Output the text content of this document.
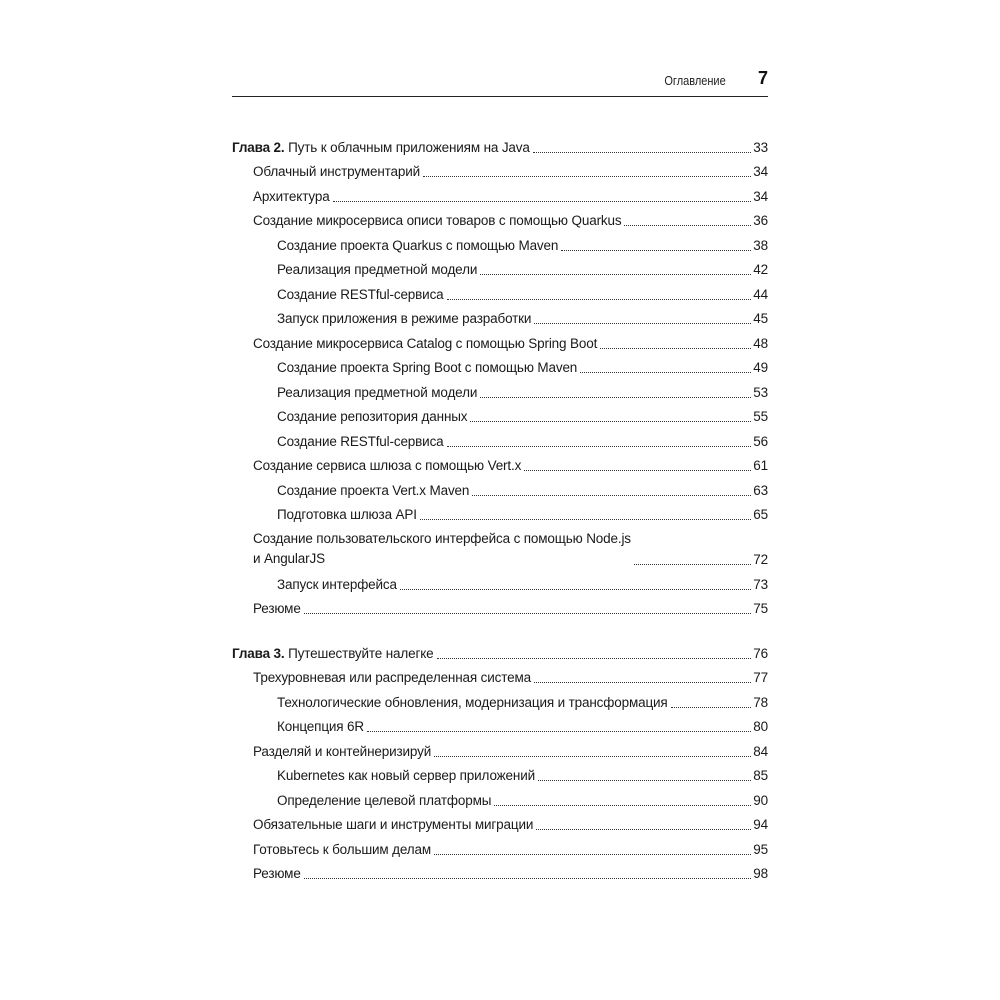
Оглавление 7
Глава 2. Путь к облачным приложениям на Java	33
Облачный инструментарий	34
Архитектура	34
Создание микросервиса описи товаров с помощью Quarkus	36
Создание проекта Quarkus с помощью Maven	38
Реализация предметной модели	42
Создание RESTful-сервиса	44
Запуск приложения в режиме разработки	45
Создание микросервиса Catalog с помощью Spring Boot	48
Создание проекта Spring Boot с помощью Maven	49
Реализация предметной модели	53
Создание репозитория данных	55
Создание RESTful-сервиса	56
Создание сервиса шлюза с помощью Vert.x	61
Создание проекта Vert.x Maven	63
Подготовка шлюза API	65
Создание пользовательского интерфейса с помощью Node.js
и AngularJS	72
Запуск интерфейса	73
Резюме	75
Глава 3. Путешествуйте налегке	76
Трехуровневая или распределенная система	77
Технологические обновления, модернизация и трансформация	78
Концепция 6R	80
Разделяй и контейнеризируй	84
Kubernetes как новый сервер приложений	85
Определение целевой платформы	90
Обязательные шаги и инструменты миграции	94
Готовьтесь к большим делам	95
Резюме	98
